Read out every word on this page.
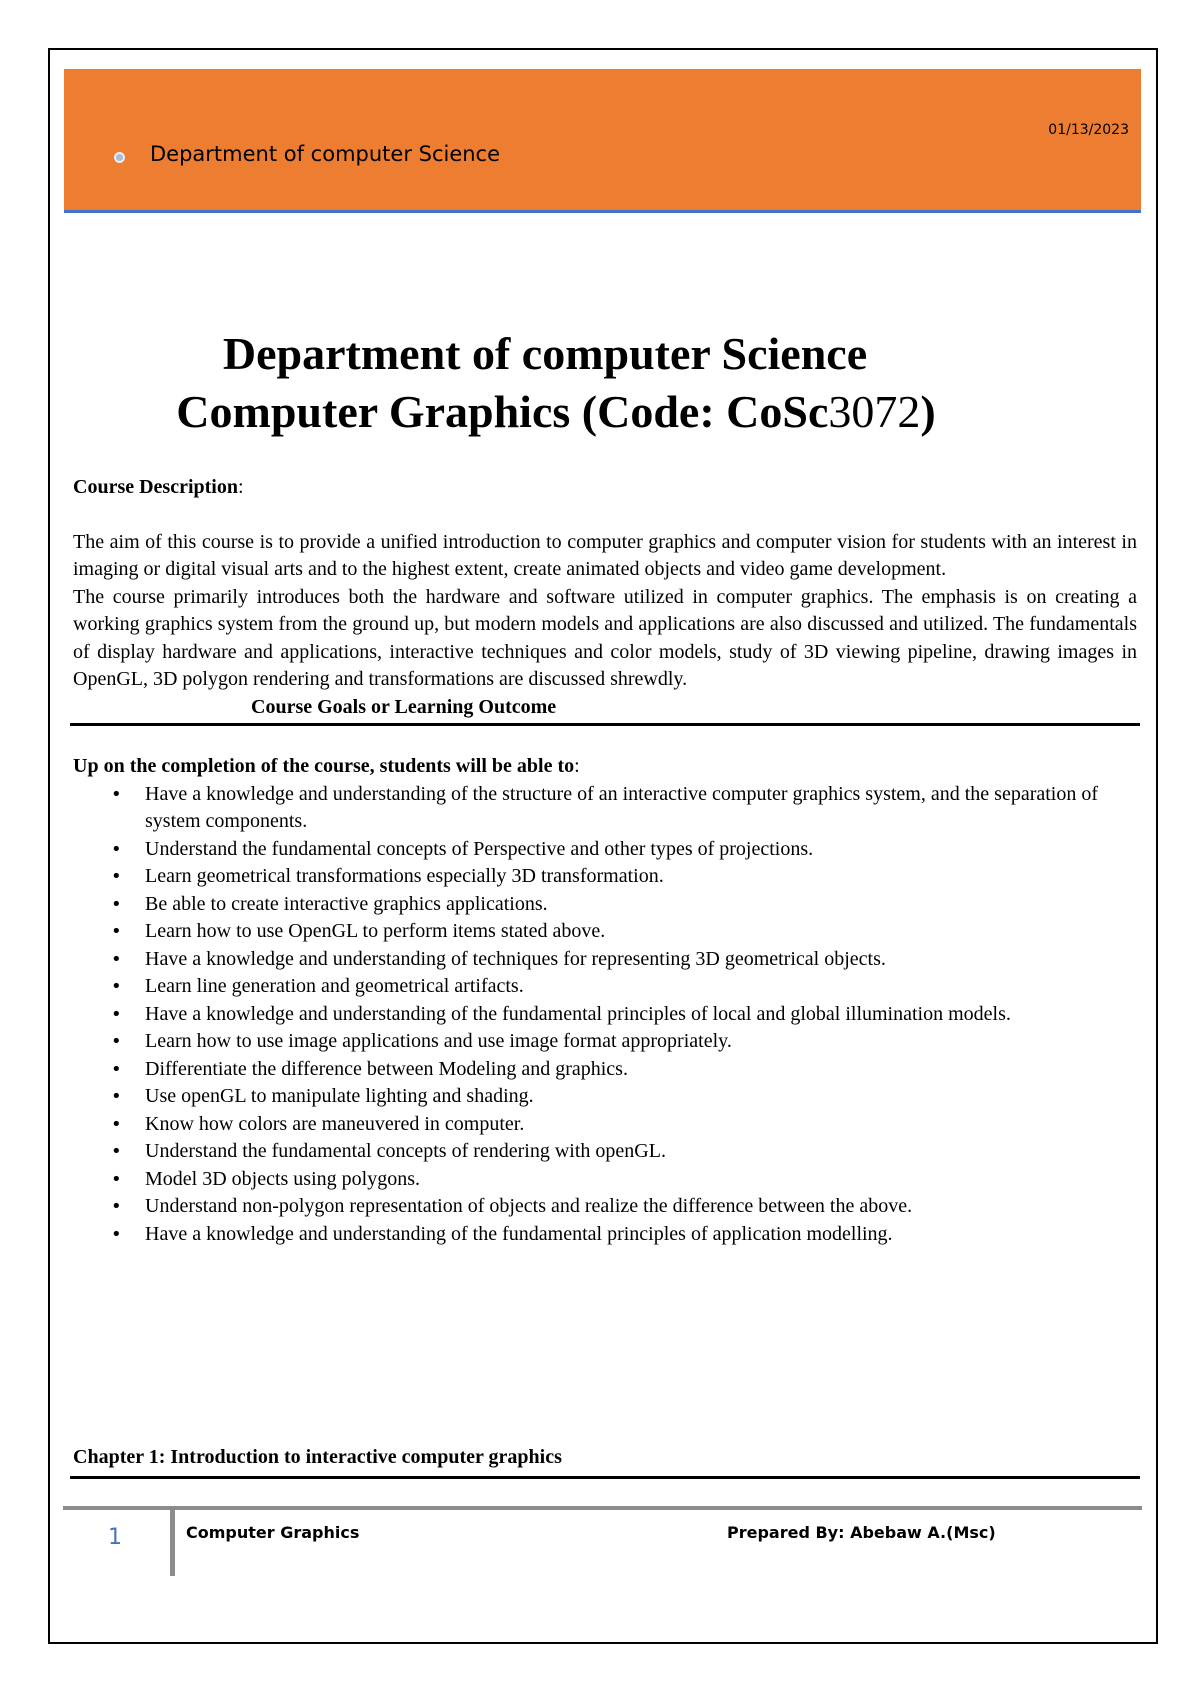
Department of computer Science
01/13/2023
Department of computer Science
Computer Graphics (Code: CoSc3072)

Course Description:

The aim of this course is to provide a unified introduction to computer graphics and computer vision for students with an interest in imaging or digital visual arts and to the highest extent, create animated objects and video game development.

The course primarily introduces both the hardware and software utilized in computer graphics. The emphasis is on creating a working graphics system from the ground up, but modern models and applications are also discussed and utilized. The fundamentals of display hardware and applications, interactive techniques and color models, study of 3D viewing pipeline, drawing images in OpenGL, 3D polygon rendering and transformations are discussed shrewdly.

Course Goals or Learning Outcome

Up on the completion of the course, students will be able to:

• Have a knowledge and understanding of the structure of an interactive computer graphics system, and the separation of system components.
• Understand the fundamental concepts of Perspective and other types of projections.
• Learn geometrical transformations especially 3D transformation.
• Be able to create interactive graphics applications.
• Learn how to use OpenGL to perform items stated above.
• Have a knowledge and understanding of techniques for representing 3D geometrical objects.
• Learn line generation and geometrical artifacts.
• Have a knowledge and understanding of the fundamental principles of local and global illumination models.
• Learn how to use image applications and use image format appropriately.
• Differentiate the difference between Modeling and graphics.
• Use openGL to manipulate lighting and shading.
• Know how colors are maneuvered in computer.
• Understand the fundamental concepts of rendering with openGL.
• Model 3D objects using polygons.
• Understand non-polygon representation of objects and realize the difference between the above.
• Have a knowledge and understanding of the fundamental principles of application modelling.
Chapter 1: Introduction to interactive computer graphics
1	Computer Graphics	Prepared By: Abebaw A.(Msc)
